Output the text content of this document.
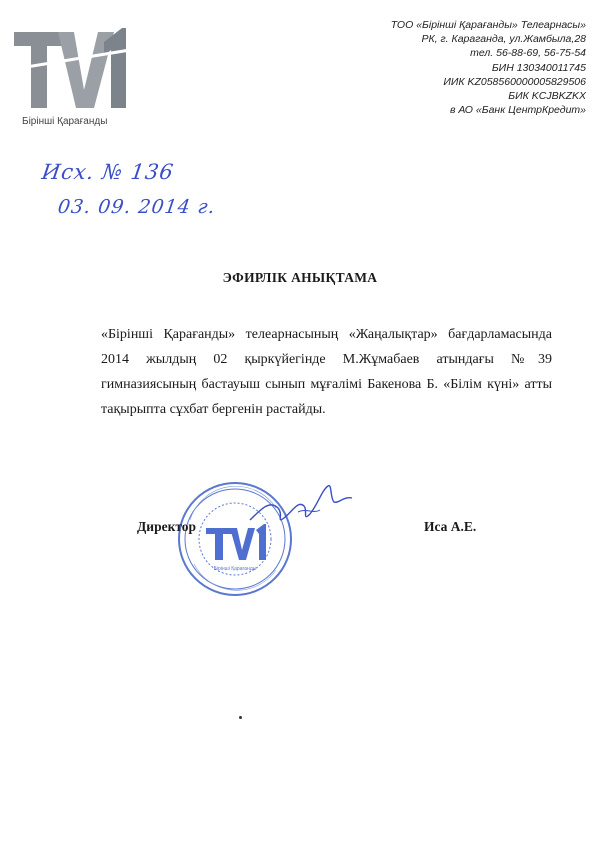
Бірінші Қарағанды
ТОО «Бірінші Қарағанды» Телеарнасы»
РК, г. Караганда, ул.Жамбыла,28
тел. 56-88-69, 56-75-54
БИН 130340011745
ИИК KZ058560000005829506
БИК KCJBKZKX
в АО «Банк ЦентрКредит»
Исх. № 136
03. 09. 2014 г.
ЭФИРЛІК АНЫҚТАМА

«Бірінші Қарағанды» телеарнасының «Жаңалықтар» бағдарламасында 2014 жылдың 02 қыркүйегінде М.Жұмабаев атындағы №39 гимназиясының бастауыш сынып мұғалімі Бакенова Б. «Білім күні» атты тақырыпта сұхбат бергенін растайды.

Бірінші Қарағанды
Директор	Иса А.Е.
